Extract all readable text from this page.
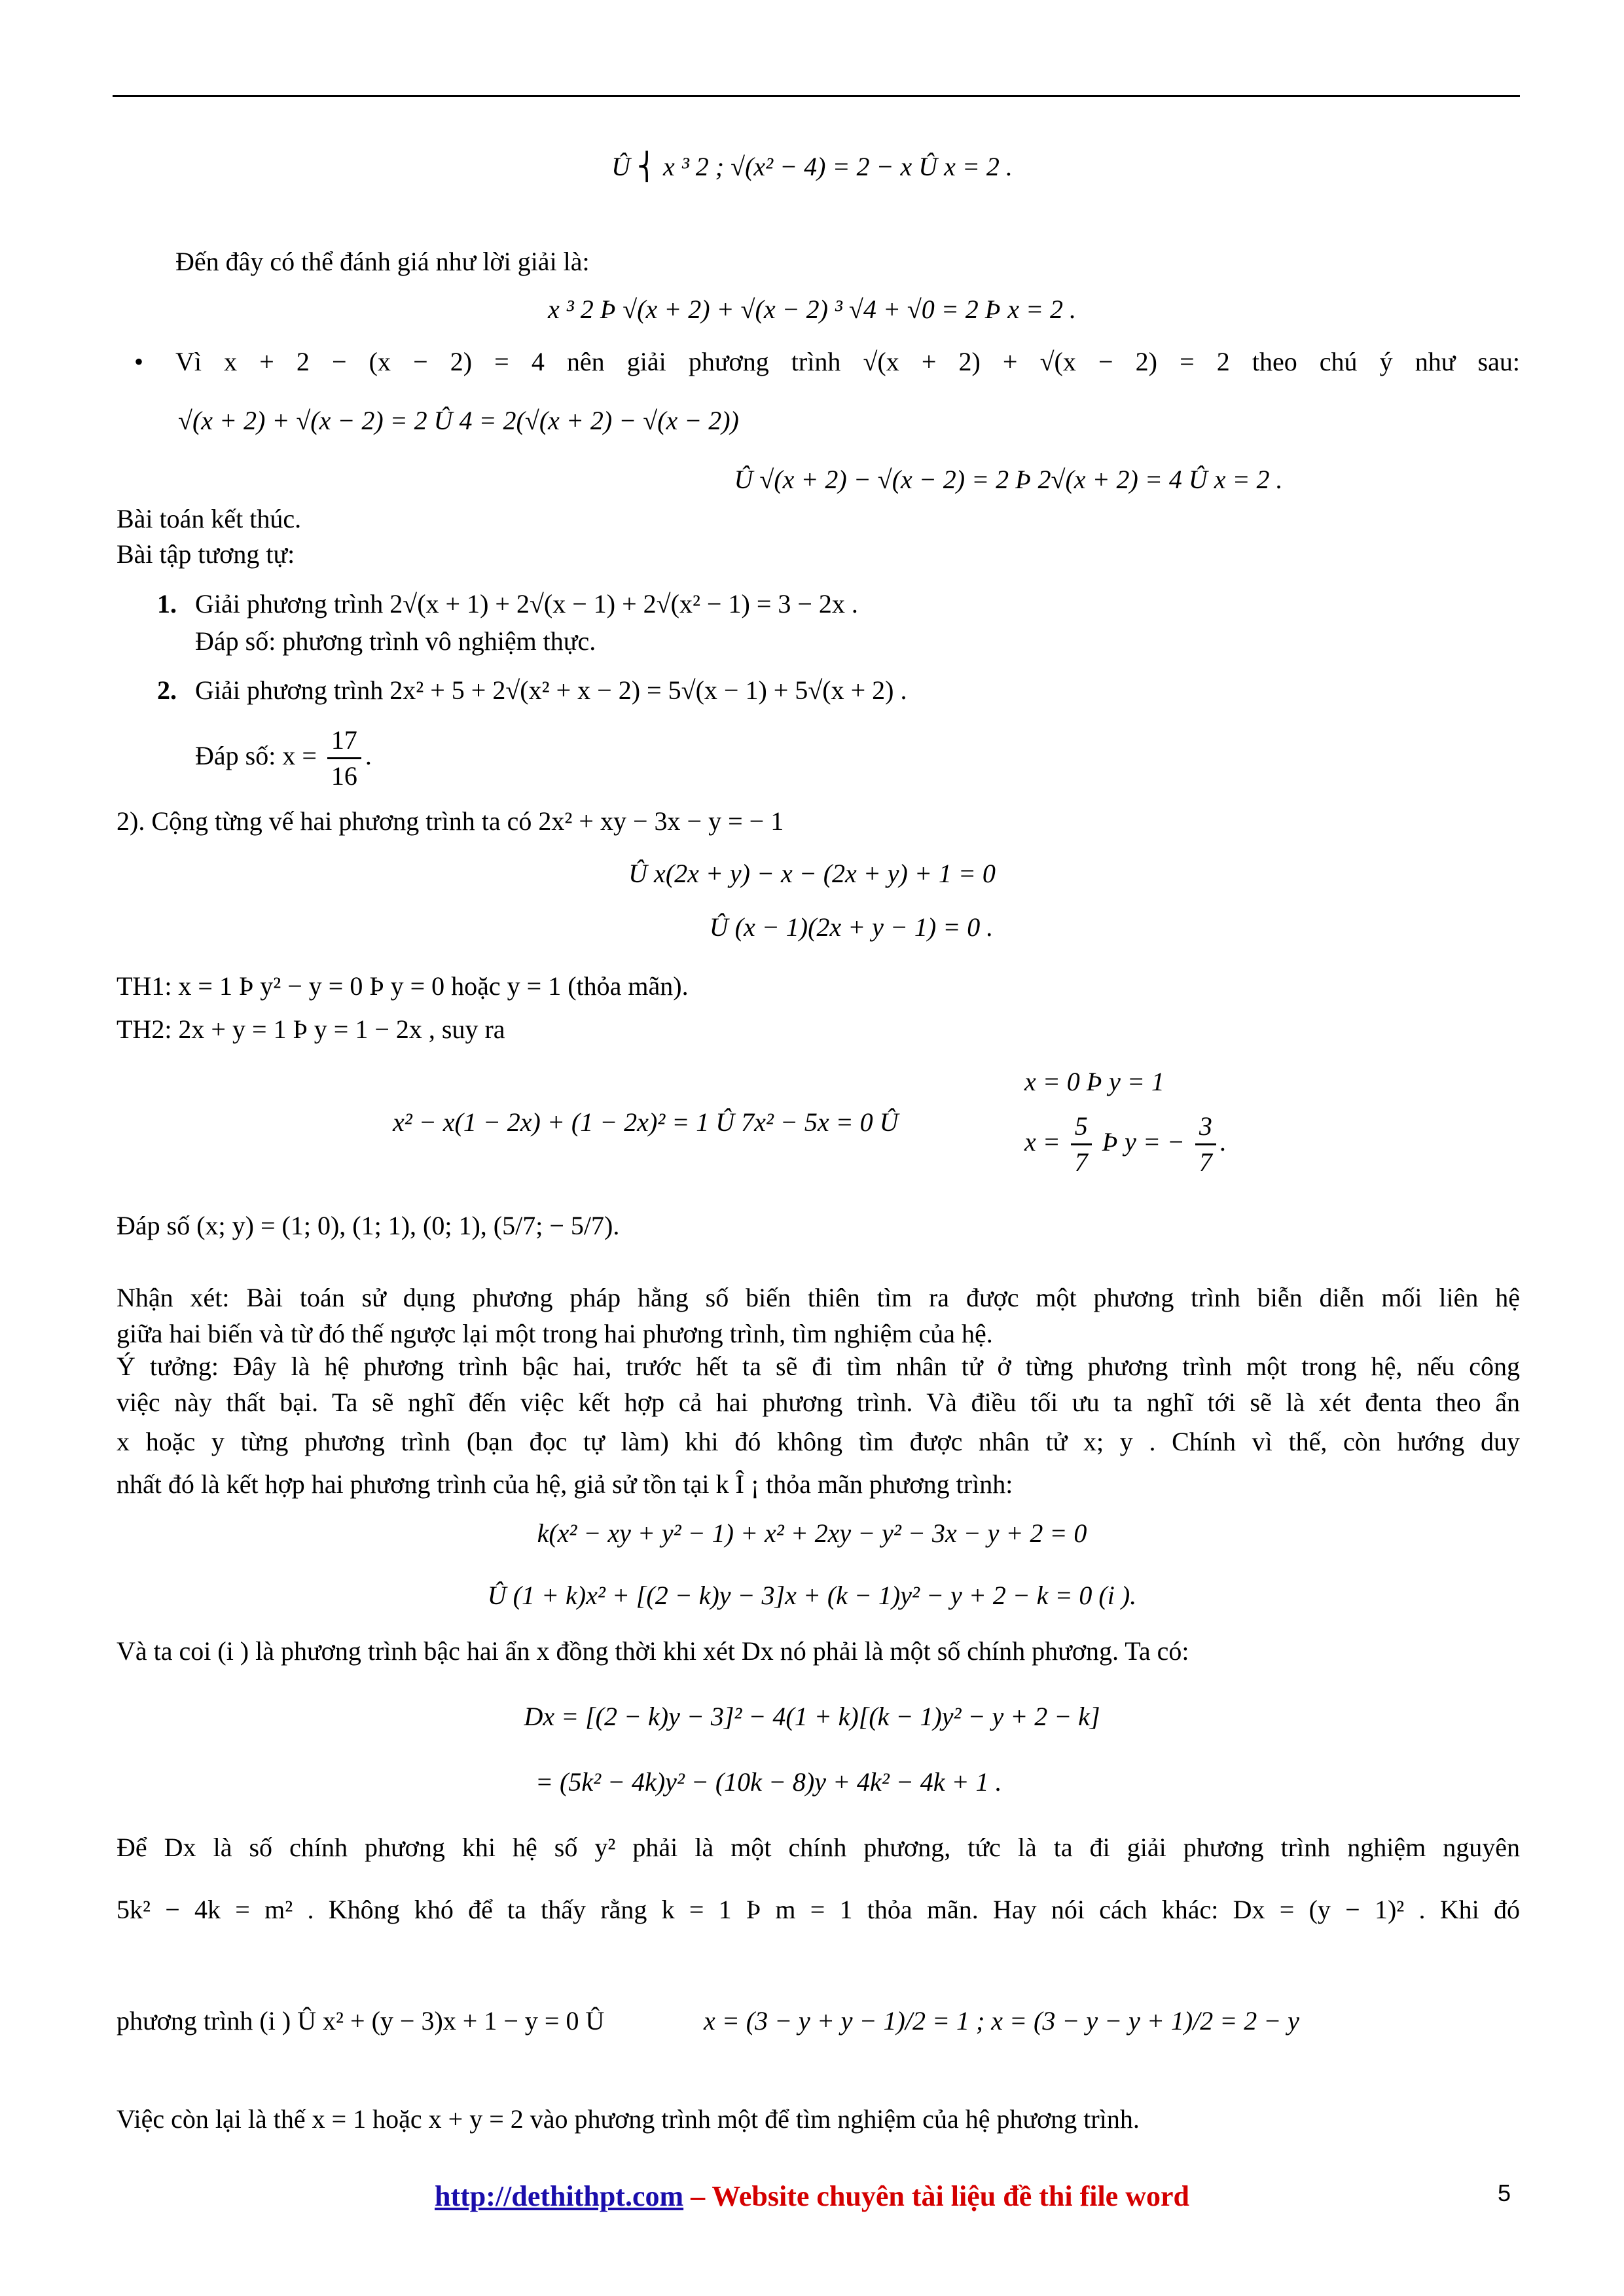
Û ⎨ x ³ 2 ; √(x² − 4) = 2 − x Û x = 2 .
Đến đây có thể đánh giá như lời giải là:
x ³ 2 Þ √(x + 2) + √(x − 2) ³ √4 + √0 = 2 Þ x = 2 .
• Vì x + 2 − (x − 2) = 4 nên giải phương trình √(x + 2) + √(x − 2) = 2 theo chú ý như sau:
√(x + 2) + √(x − 2) = 2 Û 4 = 2(√(x + 2) − √(x − 2))
Û √(x + 2) − √(x − 2) = 2 Þ 2√(x + 2) = 4 Û x = 2 .
Bài toán kết thúc.
Bài tập tương tự:
1. Giải phương trình 2√(x + 1) + 2√(x − 1) + 2√(x² − 1) = 3 − 2x .
Đáp số: phương trình vô nghiệm thực.
2. Giải phương trình 2x² + 5 + 2√(x² + x − 2) = 5√(x − 1) + 5√(x + 2) .
Đáp số: $x = \frac{17}{16}$ .
2). Cộng từng vế hai phương trình ta có 2x² + xy − 3x − y = − 1
Û x(2x + y) − x − (2x + y) + 1 = 0
Û (x − 1)(2x + y − 1) = 0 .
TH1: x = 1 Þ y² − y = 0 Þ y = 0 hoặc y = 1 (thỏa mãn).
TH2: 2x + y = 1 Þ y = 1 − 2x , suy ra
x² − x(1 − 2x) + (1 − 2x)² = 1 Û 7x² − 5x = 0 Û
x = 0 Þ y = 1
$x = \frac{5}{7}$ Þ y = − $\frac{3}{7}$ .
Đáp số (x; y) = (1; 0), (1; 1), (0; 1), (5/7; − 5/7).
Nhận xét: Bài toán sử dụng phương pháp hằng số biến thiên tìm ra được một phương trình biễn diễn mối liên hệ
giữa hai biến và từ đó thế ngược lại một trong hai phương trình, tìm nghiệm của hệ.
Ý tưởng: Đây là hệ phương trình bậc hai, trước hết ta sẽ đi tìm nhân tử ở từng phương trình một trong hệ, nếu công
việc này thất bại. Ta sẽ nghĩ đến việc kết hợp cả hai phương trình. Và điều tối ưu ta nghĩ tới sẽ là xét đenta theo ẩn
x hoặc y từng phương trình (bạn đọc tự làm) khi đó không tìm được nhân tử x; y . Chính vì thế, còn hướng duy
nhất đó là kết hợp hai phương trình của hệ, giả sử tồn tại k Î ¡ thỏa mãn phương trình:
k(x² − xy + y² − 1) + x² + 2xy − y² − 3x − y + 2 = 0
Û (1 + k)x² + [(2 − k)y − 3]x + (k − 1)y² − y + 2 − k = 0 (i ).
Và ta coi (i ) là phương trình bậc hai ẩn x đồng thời khi xét Dx nó phải là một số chính phương. Ta có:
Dx = [(2 − k)y − 3]² − 4(1 + k)[(k − 1)y² − y + 2 − k]
= (5k² − 4k)y² − (10k − 8)y + 4k² − 4k + 1 .
Để Dx là số chính phương khi hệ số y² phải là một chính phương, tức là ta đi giải phương trình nghiệm nguyên
5k² − 4k = m² . Không khó để ta thấy rằng k = 1 Þ m = 1 thỏa mãn. Hay nói cách khác: Dx = (y − 1)² . Khi đó
phương trình (i ) Û x² + (y − 3)x + 1 − y = 0 Û	x = (3 − y + y − 1)/2 = 1 ; x = (3 − y − y + 1)/2 = 2 − y
Việc còn lại là thế x = 1 hoặc x + y = 2 vào phương trình một để tìm nghiệm của hệ phương trình.
http://dethithpt.com – Website chuyên tài liệu đề thi file word	5
